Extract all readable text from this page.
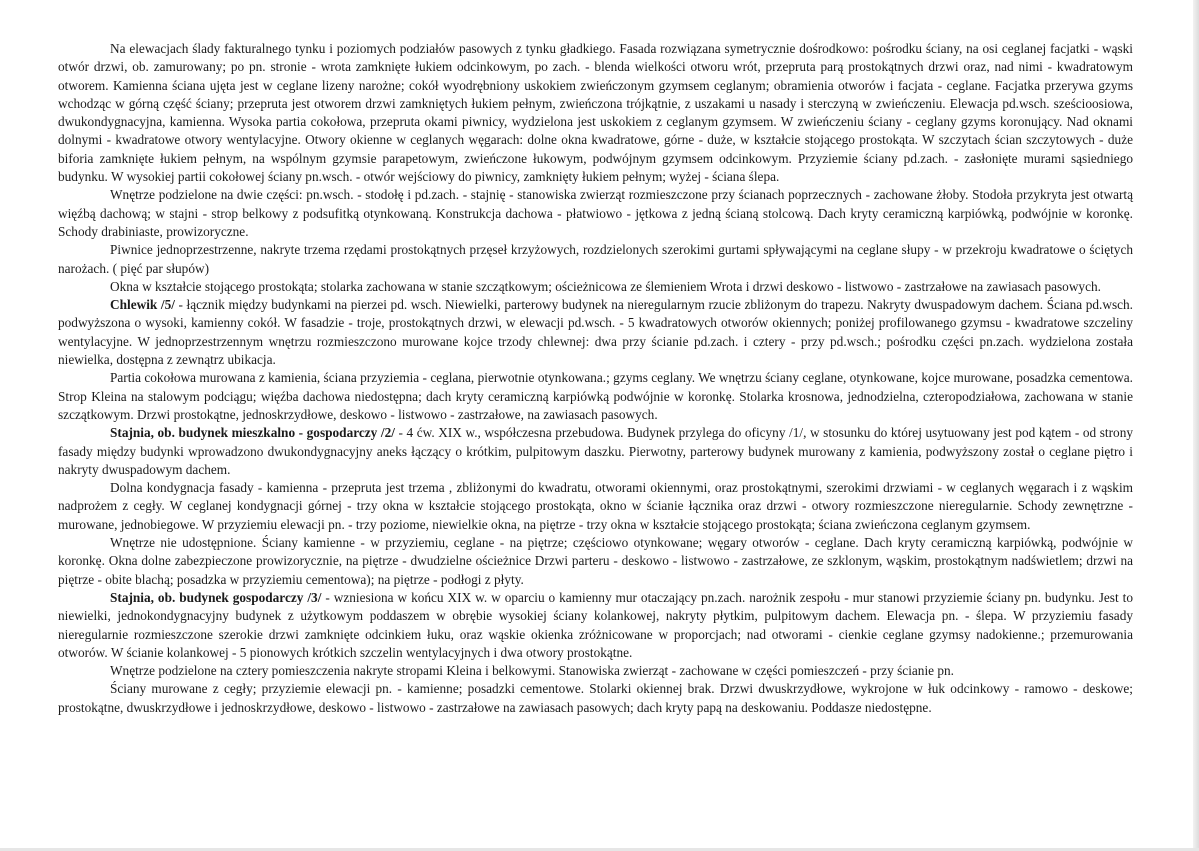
Na elewacjach ślady fakturalnego tynku i poziomych podziałów pasowych z tynku gładkiego. Fasada rozwiązana symetrycznie dośrodkowo: pośrodku ściany, na osi ceglanej facjatki - wąski otwór drzwi, ob. zamurowany; po pn. stronie - wrota zamknięte łukiem odcinkowym, po zach. - blenda wielkości otworu wrót, przepruta parą prostokątnych drzwi oraz, nad nimi - kwadratowym otworem. Kamienna ściana ujęta jest w ceglane lizeny narożne; cokół wyodrębniony uskokiem zwieńczonym gzymsem ceglanym; obramienia otworów i facjata - ceglane. Facjatka przerywa gzyms wchodząc w górną część ściany; przepruta jest otworem drzwi zamkniętych łukiem pełnym, zwieńczona trójkątnie, z uszakami u nasady i sterczyną w zwieńczeniu. Elewacja pd.wsch. sześcioosiowa, dwukondygnacyjna, kamienna. Wysoka partia cokołowa, przepruta okami piwnicy, wydzielona jest uskokiem z ceglanym gzymsem. W zwieńczeniu ściany - ceglany gzyms koronujący. Nad oknami dolnymi - kwadratowe otwory wentylacyjne. Otwory okienne w ceglanych węgarach: dolne okna kwadratowe, górne - duże, w kształcie stojącego prostokąta. W szczytach ścian szczytowych - duże biforia zamknięte łukiem pełnym, na wspólnym gzymsie parapetowym, zwieńczone łukowym, podwójnym gzymsem odcinkowym. Przyziemie ściany pd.zach. - zasłonięte murami sąsiedniego budynku. W wysokiej partii cokołowej ściany pn.wsch. - otwór wejściowy do piwnicy, zamknięty łukiem pełnym; wyżej - ściana ślepa.

Wnętrze podzielone na dwie części: pn.wsch. - stodołę i pd.zach. - stajnię - stanowiska zwierząt rozmieszczone przy ścianach poprzecznych - zachowane żłoby. Stodoła przykryta jest otwartą więźbą dachową; w stajni - strop belkowy z podsufitką otynkowaną. Konstrukcja dachowa - płatwiowo - jętkowa z jedną ścianą stolcową. Dach kryty ceramiczną karpiówką, podwójnie w koronkę. Schody drabiniaste, prowizoryczne.

Piwnice jednoprzestrzenne, nakryte trzema rzędami prostokątnych przęseł krzyżowych, rozdzielonych szerokimi gurtami spływającymi na ceglane słupy - w przekroju kwadratowe o ściętych narożach. ( pięć par słupów)

Okna w kształcie stojącego prostokąta; stolarka zachowana w stanie szczątkowym; ościeżnicowa ze ślemieniem Wrota i drzwi deskowo - listwowo - zastrzałowe na zawiasach pasowych.

Chlewik /5/ - łącznik między budynkami na pierzei pd. wsch. Niewielki, parterowy budynek na nieregularnym rzucie zbliżonym do trapezu. Nakryty dwuspadowym dachem. Ściana pd.wsch. podwyższona o wysoki, kamienny cokół. W fasadzie - troje, prostokątnych drzwi, w elewacji pd.wsch. - 5 kwadratowych otworów okiennych; poniżej profilowanego gzymsu - kwadratowe szczeliny wentylacyjne. W jednoprzestrzennym wnętrzu rozmieszczono murowane kojce trzody chlewnej: dwa przy ścianie pd.zach. i cztery - przy pd.wsch.; pośrodku części pn.zach. wydzielona została niewielka, dostępna z zewnątrz ubikacja.

Partia cokołowa murowana z kamienia, ściana przyziemia - ceglana, pierwotnie otynkowana.; gzyms ceglany. We wnętrzu ściany ceglane, otynkowane, kojce murowane, posadzka cementowa. Strop Kleina na stalowym podciągu; więźba dachowa niedostępna; dach kryty ceramiczną karpiówką podwójnie w koronkę. Stolarka krosnowa, jednodzielna, czteropodziałowa, zachowana w stanie szczątkowym. Drzwi prostokątne, jednoskrzydłowe, deskowo - listwowo - zastrzałowe, na zawiasach pasowych.

Stajnia, ob. budynek mieszkalno - gospodarczy /2/ - 4 ćw. XIX w., współczesna przebudowa. Budynek przylega do oficyny /1/, w stosunku do której usytuowany jest pod kątem - od strony fasady między budynki wprowadzono dwukondygnacyjny aneks łączący o krótkim, pulpitowym daszku. Pierwotny, parterowy budynek murowany z kamienia, podwyższony został o ceglane piętro i nakryty dwuspadowym dachem.

Dolna kondygnacja fasady - kamienna - przepruta jest trzema , zbliżonymi do kwadratu, otworami okiennymi, oraz prostokątnymi, szerokimi drzwiami - w ceglanych węgarach i z wąskim nadprożem z cegły. W ceglanej kondygnacji górnej - trzy okna w kształcie stojącego prostokąta, okno w ścianie łącznika oraz drzwi - otwory rozmieszczone nieregularnie. Schody zewnętrzne - murowane, jednobiegowe. W przyziemiu elewacji pn. - trzy poziome, niewielkie okna, na piętrze - trzy okna w kształcie stojącego prostokąta; ściana zwieńczona ceglanym gzymsem.

Wnętrze nie udostępnione. Ściany kamienne - w przyziemiu, ceglane - na piętrze; częściowo otynkowane; węgary otworów - ceglane. Dach kryty ceramiczną karpiówką, podwójnie w koronkę. Okna dolne zabezpieczone prowizorycznie, na piętrze - dwudzielne ościeżnice Drzwi parteru - deskowo - listwowo - zastrzałowe, ze szklonym, wąskim, prostokątnym nadświetlem; drzwi na piętrze - obite blachą; posadzka w przyziemiu cementowa); na piętrze - podłogi z płyty.

Stajnia, ob. budynek gospodarczy /3/ - wzniesiona w końcu XIX w. w oparciu o kamienny mur otaczający pn.zach. narożnik zespołu - mur stanowi przyziemie ściany pn. budynku. Jest to niewielki, jednokondygnacyjny budynek z użytkowym poddaszem w obrębie wysokiej ściany kolankowej, nakryty płytkim, pulpitowym dachem. Elewacja pn. - ślepa. W przyziemiu fasady nieregularnie rozmieszczone szerokie drzwi zamknięte odcinkiem łuku, oraz wąskie okienka zróżnicowane w proporcjach; nad otworami - cienkie ceglane gzymsy nadokienne.; przemurowania otworów. W ścianie kolankowej - 5 pionowych krótkich szczelin wentylacyjnych i dwa otwory prostokątne.

Wnętrze podzielone na cztery pomieszczenia nakryte stropami Kleina i belkowymi. Stanowiska zwierząt - zachowane w części pomieszczeń - przy ścianie pn.

Ściany murowane z cegły; przyziemie elewacji pn. - kamienne; posadzki cementowe. Stolarki okiennej brak. Drzwi dwuskrzydłowe, wykrojone w łuk odcinkowy - ramowo - deskowe; prostokątne, dwuskrzydłowe i jednoskrzydłowe, deskowo - listwowo - zastrzałowe na zawiasach pasowych; dach kryty papą na deskowaniu. Poddasze niedostępne.
